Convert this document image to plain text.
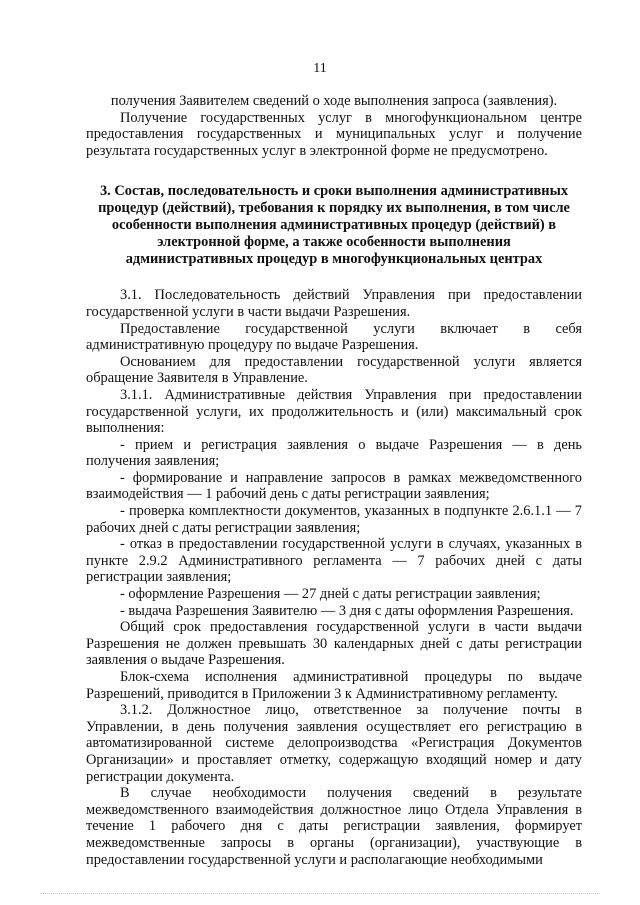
11

получения Заявителем сведений о ходе выполнения запроса (заявления).

Получение государственных услуг в многофункциональном центре предоставления государственных и муниципальных услуг и получение результата государственных услуг в электронной форме не предусмотрено.

3. Состав, последовательность и сроки выполнения административных процедур (действий), требования к порядку их выполнения, в том числе особенности выполнения административных процедур (действий) в электронной форме, а также особенности выполнения административных процедур в многофункциональных центрах

3.1. Последовательность действий Управления при предоставлении государственной услуги в части выдачи Разрешения.

Предоставление государственной услуги включает в себя административную процедуру по выдаче Разрешения.

Основанием для предоставлении государственной услуги является обращение Заявителя в Управление.

3.1.1. Административные действия Управления при предоставлении государственной услуги, их продолжительность и (или) максимальный срок выполнения:

- прием и регистрация заявления о выдаче Разрешения — в день получения заявления;

- формирование и направление запросов в рамках межведомственного взаимодействия — 1 рабочий день с даты регистрации заявления;

- проверка комплектности документов, указанных в подпункте 2.6.1.1 — 7 рабочих дней с даты регистрации заявления;

- отказ в предоставлении государственной услуги в случаях, указанных в пункте 2.9.2 Административного регламента — 7 рабочих дней с даты регистрации заявления;

- оформление Разрешения — 27 дней с даты регистрации заявления;

- выдача Разрешения Заявителю — 3 дня с даты оформления Разрешения.

Общий срок предоставления государственной услуги в части выдачи Разрешения не должен превышать 30 календарных дней с даты регистрации заявления о выдаче Разрешения.

Блок-схема исполнения административной процедуры по выдаче Разрешений, приводится в Приложении 3 к Административному регламенту.

3.1.2. Должностное лицо, ответственное за получение почты в Управлении, в день получения заявления осуществляет его регистрацию в автоматизированной системе делопроизводства «Регистрация Документов Организации» и проставляет отметку, содержащую входящий номер и дату регистрации документа.

В случае необходимости получения сведений в результате межведомственного взаимодействия должностное лицо Отдела Управления в течение 1 рабочего дня с даты регистрации заявления, формирует межведомственные запросы в органы (организации), участвующие в предоставлении государственной услуги и располагающие необходимыми
